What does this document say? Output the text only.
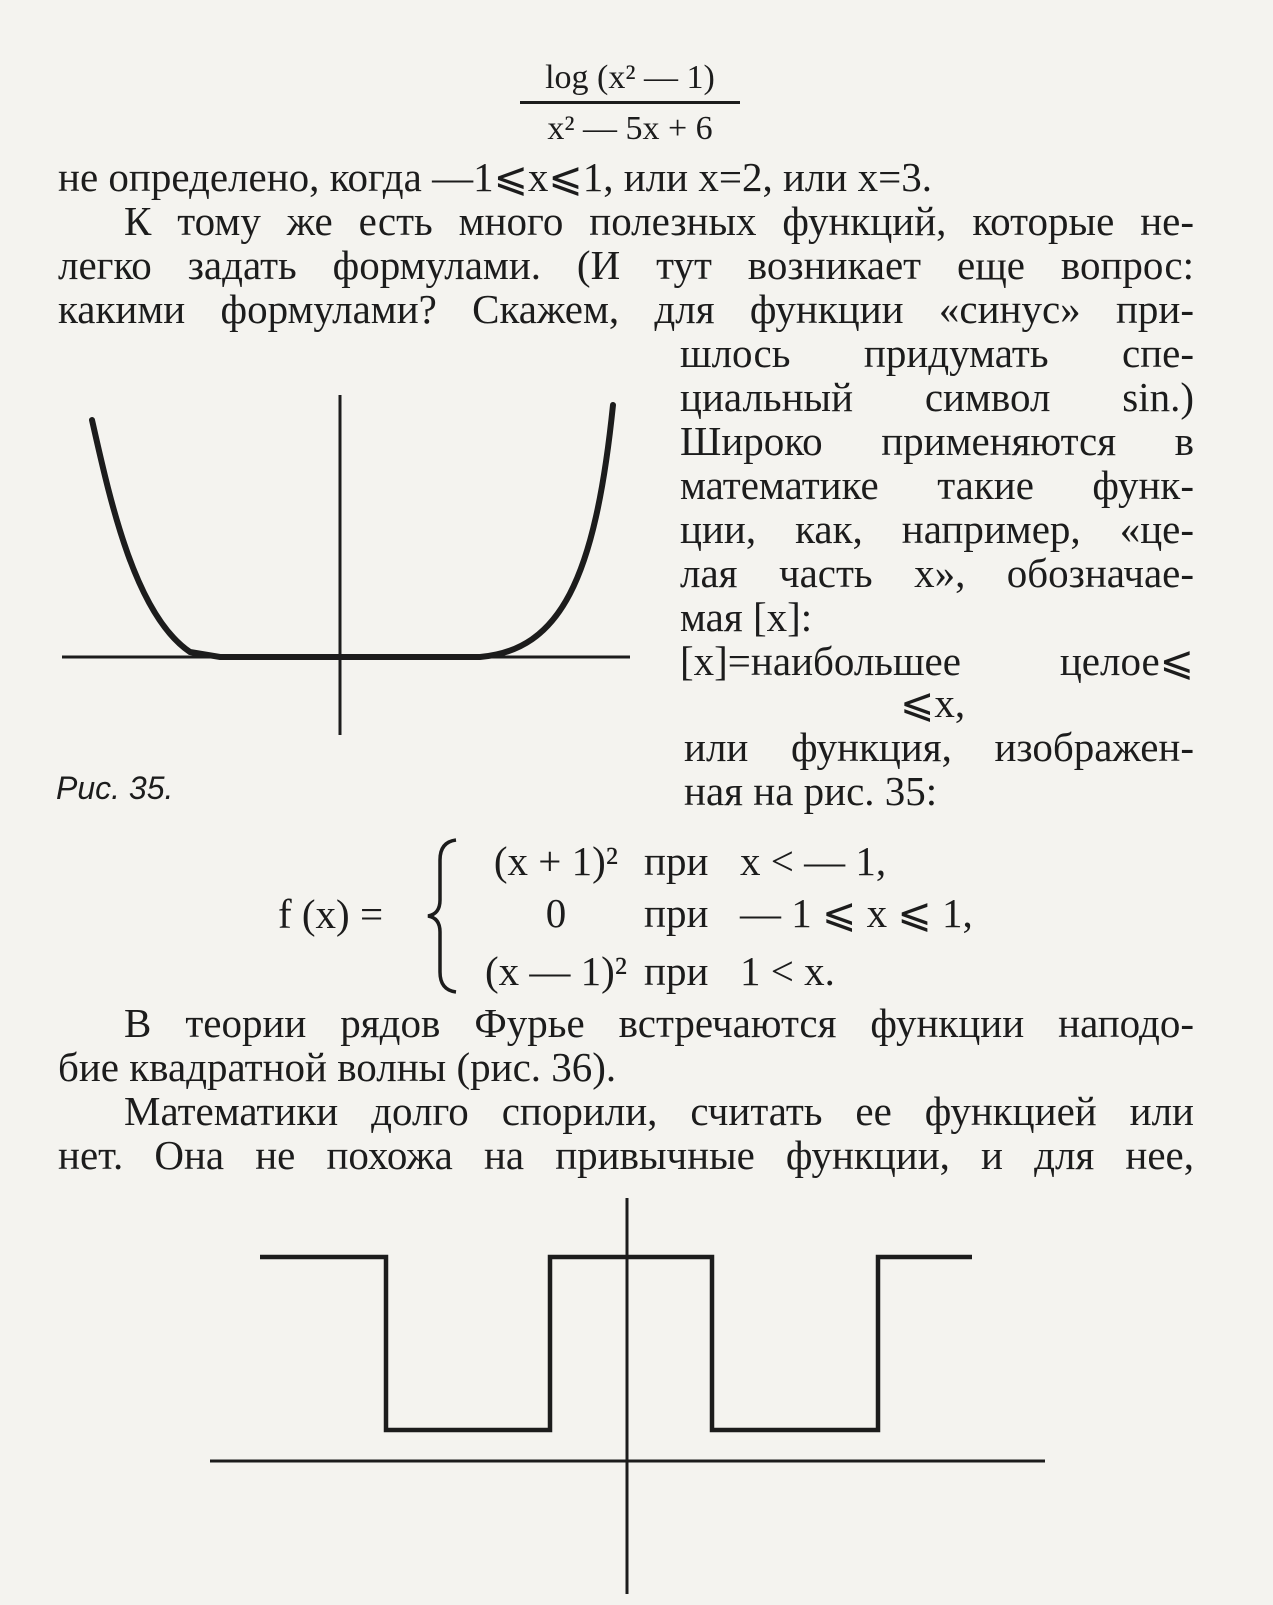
log (x² — 1)
x² — 5x + 6
не определено, когда —1⩽x⩽1, или x=2, или x=3.
К тому же есть много полезных функций, которые не-
легко задать формулами. (И тут возникает еще вопрос:
какими формулами? Скажем, для функции «синус» при-
шлось придумать спе-
циальный символ sin.)
Широко применяются в
математике такие функ-
ции, как, например, «це-
лая часть x», обозначае-
мая [x]:
[x]=наибольшее целое⩽
⩽x,
или функция, изображен-
ная на рис. 35:
Рис. 35.
f (x) =
(x + 1)² при x < — 1,
0 при — 1 ⩽ x ⩽ 1,
(x — 1)² при 1 < x.
В теории рядов Фурье встречаются функции наподо-
бие квадратной волны (рис. 36).
Математики долго спорили, считать ее функцией или
нет. Она не похожа на привычные функции, и для нее,
